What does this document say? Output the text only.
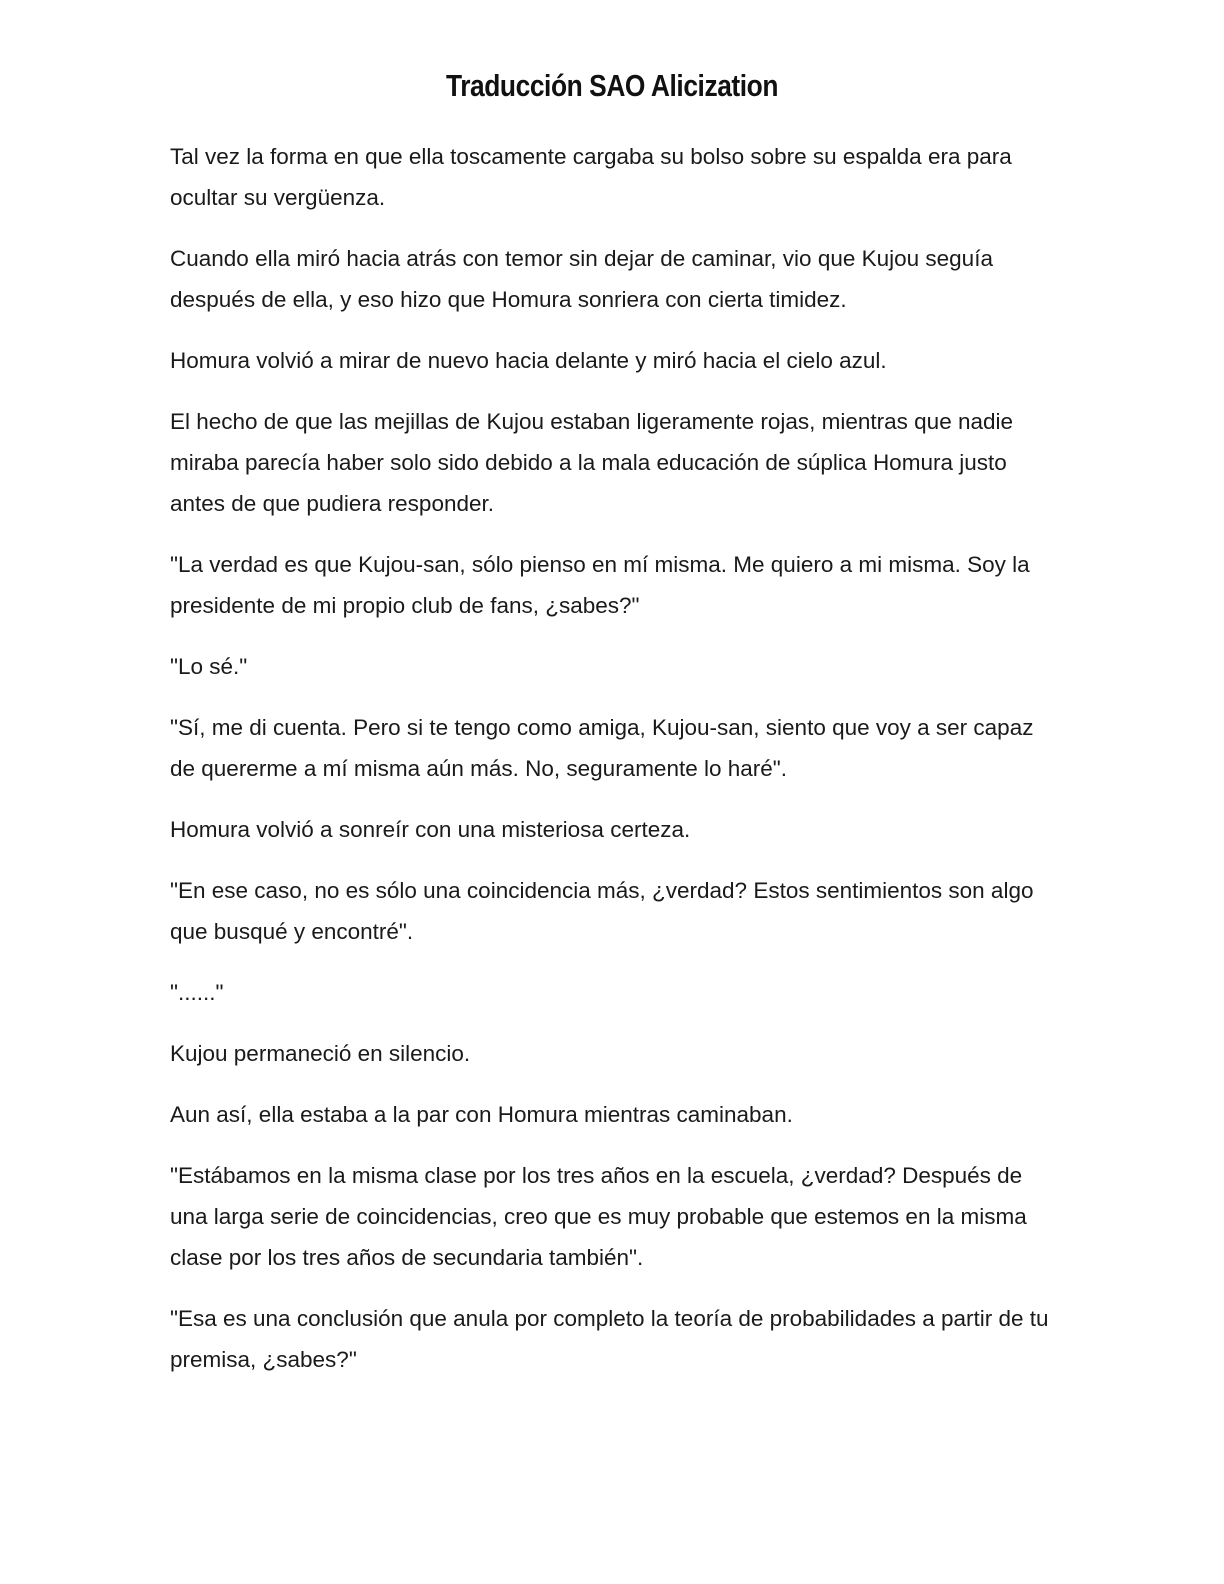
Traducción SAO Alicization

Tal vez la forma en que ella toscamente cargaba su bolso sobre su espalda era para ocultar su vergüenza.

Cuando ella miró hacia atrás con temor sin dejar de caminar, vio que Kujou seguía después de ella, y eso hizo que Homura sonriera con cierta timidez.

Homura volvió a mirar de nuevo hacia delante y miró hacia el cielo azul.

El hecho de que las mejillas de Kujou estaban ligeramente rojas, mientras que nadie miraba parecía haber solo sido debido a la mala educación de súplica Homura justo antes de que pudiera responder.

"La verdad es que Kujou-san, sólo pienso en mí misma. Me quiero a mi misma. Soy la presidente de mi propio club de fans, ¿sabes?"

"Lo sé."

"Sí, me di cuenta. Pero si te tengo como amiga, Kujou-san, siento que voy a ser capaz de quererme a mí misma aún más. No, seguramente lo haré".

Homura volvió a sonreír con una misteriosa certeza.

"En ese caso, no es sólo una coincidencia más, ¿verdad? Estos sentimientos son algo que busqué y encontré".

"......"

Kujou permaneció en silencio.

Aun así, ella estaba a la par con Homura mientras caminaban.

"Estábamos en la misma clase por los tres años en la escuela, ¿verdad? Después de una larga serie de coincidencias, creo que es muy probable que estemos en la misma clase por los tres años de secundaria también".

"Esa es una conclusión que anula por completo la teoría de probabilidades a partir de tu premisa, ¿sabes?"
